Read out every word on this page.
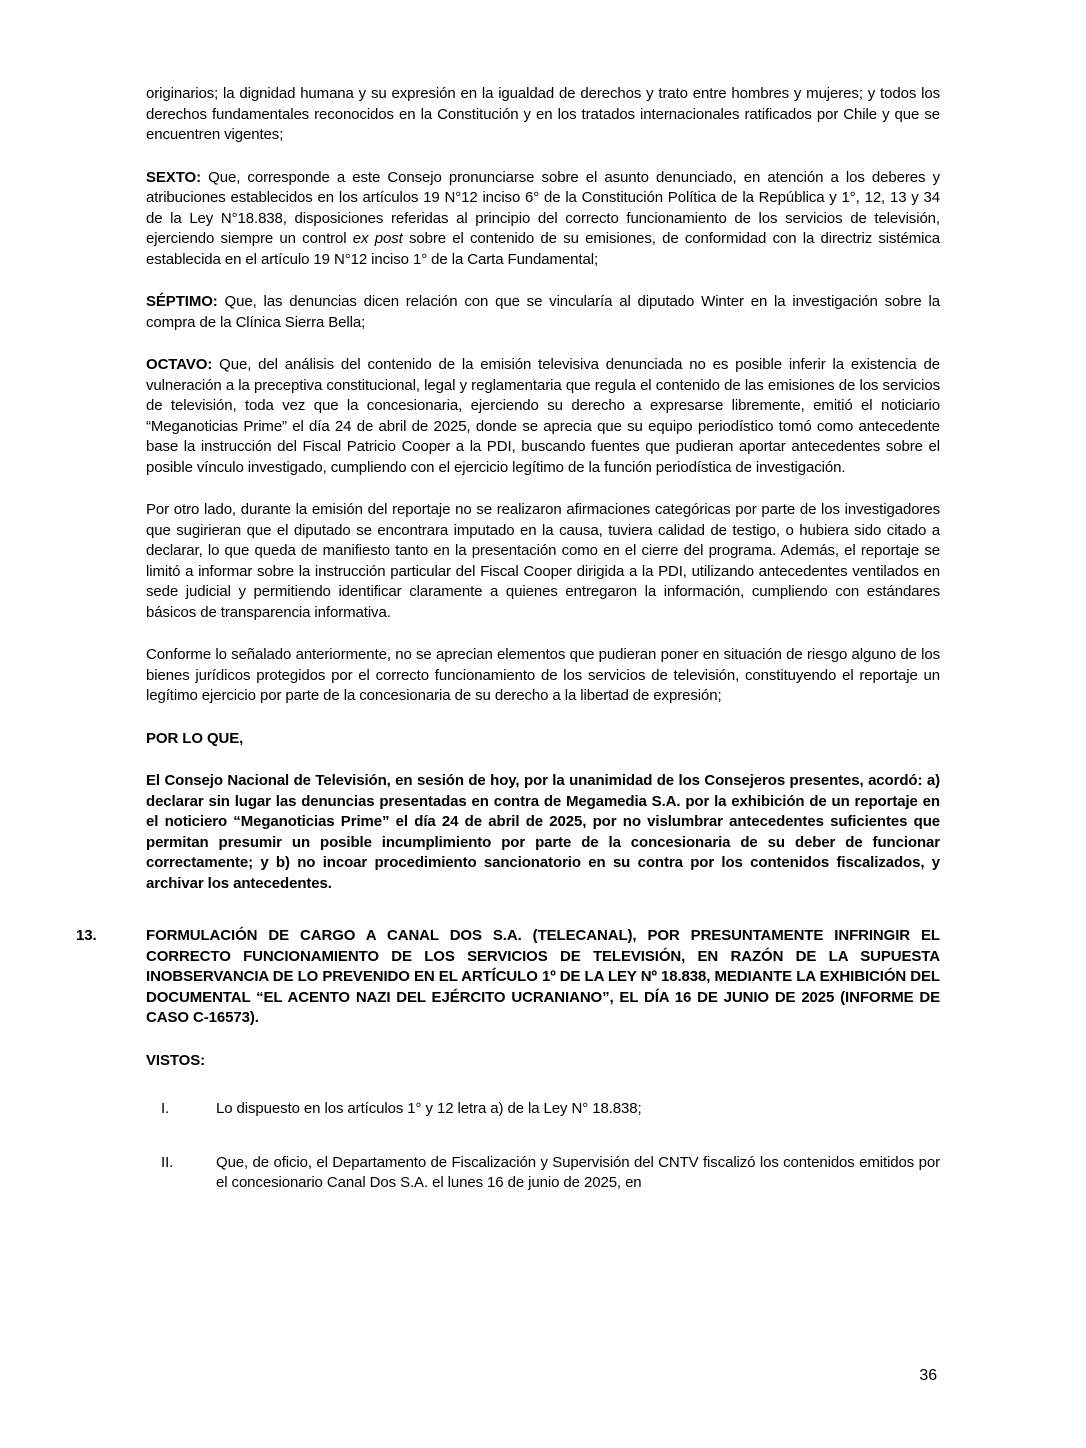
originarios; la dignidad humana y su expresión en la igualdad de derechos y trato entre hombres y mujeres; y todos los derechos fundamentales reconocidos en la Constitución y en los tratados internacionales ratificados por Chile y que se encuentren vigentes;

SEXTO: Que, corresponde a este Consejo pronunciarse sobre el asunto denunciado, en atención a los deberes y atribuciones establecidos en los artículos 19 N°12 inciso 6° de la Constitución Política de la República y 1°, 12, 13 y 34 de la Ley N°18.838, disposiciones referidas al principio del correcto funcionamiento de los servicios de televisión, ejerciendo siempre un control ex post sobre el contenido de su emisiones, de conformidad con la directriz sistémica establecida en el artículo 19 N°12 inciso 1° de la Carta Fundamental;

SÉPTIMO: Que, las denuncias dicen relación con que se vincularía al diputado Winter en la investigación sobre la compra de la Clínica Sierra Bella;

OCTAVO: Que, del análisis del contenido de la emisión televisiva denunciada no es posible inferir la existencia de vulneración a la preceptiva constitucional, legal y reglamentaria que regula el contenido de las emisiones de los servicios de televisión, toda vez que la concesionaria, ejerciendo su derecho a expresarse libremente, emitió el noticiario “Meganoticias Prime” el día 24 de abril de 2025, donde se aprecia que su equipo periodístico tomó como antecedente base la instrucción del Fiscal Patricio Cooper a la PDI, buscando fuentes que pudieran aportar antecedentes sobre el posible vínculo investigado, cumpliendo con el ejercicio legítimo de la función periodística de investigación.

Por otro lado, durante la emisión del reportaje no se realizaron afirmaciones categóricas por parte de los investigadores que sugirieran que el diputado se encontrara imputado en la causa, tuviera calidad de testigo, o hubiera sido citado a declarar, lo que queda de manifiesto tanto en la presentación como en el cierre del programa. Además, el reportaje se limitó a informar sobre la instrucción particular del Fiscal Cooper dirigida a la PDI, utilizando antecedentes ventilados en sede judicial y permitiendo identificar claramente a quienes entregaron la información, cumpliendo con estándares básicos de transparencia informativa.

Conforme lo señalado anteriormente, no se aprecian elementos que pudieran poner en situación de riesgo alguno de los bienes jurídicos protegidos por el correcto funcionamiento de los servicios de televisión, constituyendo el reportaje un legítimo ejercicio por parte de la concesionaria de su derecho a la libertad de expresión;

POR LO QUE,

El Consejo Nacional de Televisión, en sesión de hoy, por la unanimidad de los Consejeros presentes, acordó: a) declarar sin lugar las denuncias presentadas en contra de Megamedia S.A. por la exhibición de un reportaje en el noticiero “Meganoticias Prime” el día 24 de abril de 2025, por no vislumbrar antecedentes suficientes que permitan presumir un posible incumplimiento por parte de la concesionaria de su deber de funcionar correctamente; y b) no incoar procedimiento sancionatorio en su contra por los contenidos fiscalizados, y archivar los antecedentes.

13.	FORMULACIÓN DE CARGO A CANAL DOS S.A. (TELECANAL), POR PRESUNTAMENTE INFRINGIR EL CORRECTO FUNCIONAMIENTO DE LOS SERVICIOS DE TELEVISIÓN, EN RAZÓN DE LA SUPUESTA INOBSERVANCIA DE LO PREVENIDO EN EL ARTÍCULO 1º DE LA LEY Nº 18.838, MEDIANTE LA EXHIBICIÓN DEL DOCUMENTAL “EL ACENTO NAZI DEL EJÉRCITO UCRANIANO”, EL DÍA 16 DE JUNIO DE 2025 (INFORME DE CASO C-16573).

VISTOS:

I.	Lo dispuesto en los artículos 1° y 12 letra a) de la Ley N° 18.838;
II.	Que, de oficio, el Departamento de Fiscalización y Supervisión del CNTV fiscalizó los contenidos emitidos por el concesionario Canal Dos S.A. el lunes 16 de junio de 2025, en
36
